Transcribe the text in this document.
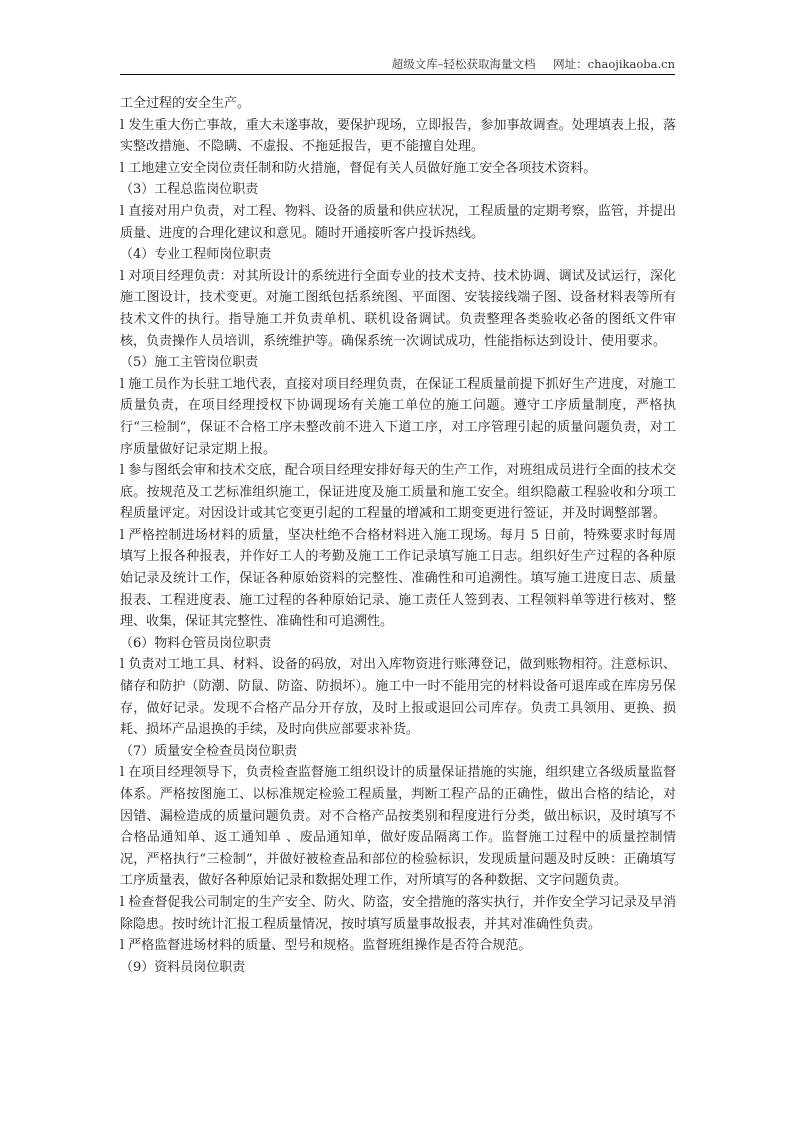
超级文库–轻松获取海量文档 网址：chaojikaoba.cn

工全过程的安全生产。

l 发生重大伤亡事故，重大未遂事故，要保护现场，立即报告，参加事故调查。处理填表上报，落实整改措施、不隐瞒、不虚报、不拖延报告，更不能擅自处理。

l 工地建立安全岗位责任制和防火措施，督促有关人员做好施工安全各项技术资料。

（3）工程总监岗位职责

l 直接对用户负责，对工程、物料、设备的质量和供应状况，工程质量的定期考察，监管，并提出质量、进度的合理化建议和意见。随时开通接听客户投诉热线。

（4）专业工程师岗位职责

l 对项目经理负责：对其所设计的系统进行全面专业的技术支持、技术协调、调试及试运行，深化施工图设计，技术变更。对施工图纸包括系统图、平面图、安装接线端子图、设备材料表等所有技术文件的执行。指导施工并负责单机、联机设备调试。负责整理各类验收必备的图纸文件审核，负责操作人员培训，系统维护等。确保系统一次调试成功，性能指标达到设计、使用要求。

（5）施工主管岗位职责

l 施工员作为长驻工地代表，直接对项目经理负责，在保证工程质量前提下抓好生产进度，对施工质量负责，在项目经理授权下协调现场有关施工单位的施工问题。遵守工序质量制度，严格执行“三检制”，保证不合格工序未整改前不进入下道工序，对工序管理引起的质量问题负责，对工序质量做好记录定期上报。

l 参与图纸会审和技术交底，配合项目经理安排好每天的生产工作，对班组成员进行全面的技术交底。按规范及工艺标准组织施工，保证进度及施工质量和施工安全。组织隐蔽工程验收和分项工程质量评定。对因设计或其它变更引起的工程量的增减和工期变更进行签证，并及时调整部署。

l 严格控制进场材料的质量，坚决杜绝不合格材料进入施工现场。每月 5 日前，特殊要求时每周填写上报各种报表，并作好工人的考勤及施工工作记录填写施工日志。组织好生产过程的各种原始记录及统计工作，保证各种原始资料的完整性、准确性和可追溯性。填写施工进度日志、质量报表、工程进度表、施工过程的各种原始记录、施工责任人签到表、工程领料单等进行核对、整理、收集，保证其完整性、准确性和可追溯性。

（6）物料仓管员岗位职责

l 负责对工地工具、材料、设备的码放，对出入库物资进行账薄登记，做到账物相符。注意标识、储存和防护（防潮、防鼠、防盗、防损坏）。施工中一时不能用完的材料设备可退库或在库房另保存，做好记录。发现不合格产品分开存放，及时上报或退回公司库存。负责工具领用、更换、损耗、损坏产品退换的手续，及时向供应部要求补货。

（7）质量安全检查员岗位职责

l 在项目经理领导下，负责检查监督施工组织设计的质量保证措施的实施，组织建立各级质量监督体系。严格按图施工、以标准规定检验工程质量，判断工程产品的正确性，做出合格的结论，对因错、漏检造成的质量问题负责。对不合格产品按类别和程度进行分类，做出标识，及时填写不合格品通知单、返工通知单 、废品通知单，做好废品隔离工作。监督施工过程中的质量控制情况，严格执行“三检制”，并做好被检查品和部位的检验标识，发现质量问题及时反映：正确填写工序质量表，做好各种原始记录和数据处理工作，对所填写的各种数据、文字问题负责。

l 检查督促我公司制定的生产安全、防火、防盗，安全措施的落实执行，并作安全学习记录及早消除隐患。按时统计汇报工程质量情况，按时填写质量事故报表，并其对准确性负责。

l 严格监督进场材料的质量、型号和规格。监督班组操作是否符合规范。

（9）资料员岗位职责
